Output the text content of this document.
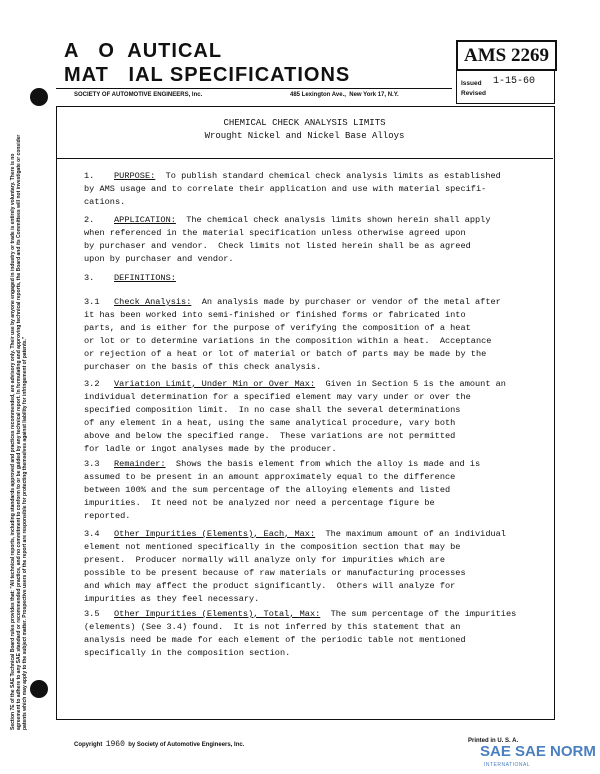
Section 7E of the SAE Technical Board rules provides that: "All technical reports, including standards approved and practices recommended, are advisory only. Their use by anyone engaged in industry or trade is entirely voluntary. There is no agreement to adhere to any SAE standard or recommended practice, and no commitment to conform to or be guided by any technical report. In formulating and approving technical reports, the Board and its Committees will not investigate or consider patents which may apply to the subject matter. Prospective users of the report are responsible for protecting themselves against liability for infringement of patents."
A   O  AUTICAL
MAT   IAL SPECIFICATIONS
SOCIETY OF AUTOMOTIVE ENGINEERS, Inc.	485 Lexington Ave.,  New York 17, N.Y.
AMS 2269
Issued 1-15-60
Revised
CHEMICAL CHECK ANALYSIS LIMITS
Wrought Nickel and Nickel Base Alloys
1. PURPOSE: To publish standard chemical check analysis limits as established
by AMS usage and to correlate their application and use with material specifi-
cations.
2. APPLICATION: The chemical check analysis limits shown herein shall apply
when referenced in the material specification unless otherwise agreed upon
by purchaser and vendor.  Check limits not listed herein shall be as agreed
upon by purchaser and vendor.
3. DEFINITIONS:
3.1 Check Analysis: An analysis made by purchaser or vendor of the metal after
it has been worked into semi-finished or finished forms or fabricated into
parts, and is either for the purpose of verifying the composition of a heat
or lot or to determine variations in the composition within a heat.  Acceptance
or rejection of a heat or lot of material or batch of parts may be made by the
purchaser on the basis of this check analysis.
3.2 Variation Limit, Under Min or Over Max: Given in Section 5 is the amount an
individual determination for a specified element may vary under or over the
specified composition limit.  In no case shall the several determinations
of any element in a heat, using the same analytical procedure, vary both
above and below the specified range.  These variations are not permitted
for ladle or ingot analyses made by the producer.
3.3 Remainder: Shows the basis element from which the alloy is made and is
assumed to be present in an amount approximately equal to the difference
between 100% and the sum percentage of the alloying elements and listed
impurities.  It need not be analyzed nor need a percentage figure be
reported.
3.4 Other Impurities (Elements), Each, Max: The maximum amount of an individual
element not mentioned specifically in the composition section that may be
present.  Producer normally will analyze only for impurities which are
possible to be present because of raw materials or manufacturing processes
and which may affect the product significantly.  Others will analyze for
impurities as they feel necessary.
3.5 Other Impurities (Elements), Total, Max: The sum percentage of the impurities
(elements) (See 3.4) found.  It is not inferred by this statement that an
analysis need be made for each element of the periodic table not mentioned
specifically in the composition section.
Copyright 1960 by Society of Automotive Engineers, Inc.
Printed in U. S. A.
SAE SAE NORM
INTERNATIONAL
